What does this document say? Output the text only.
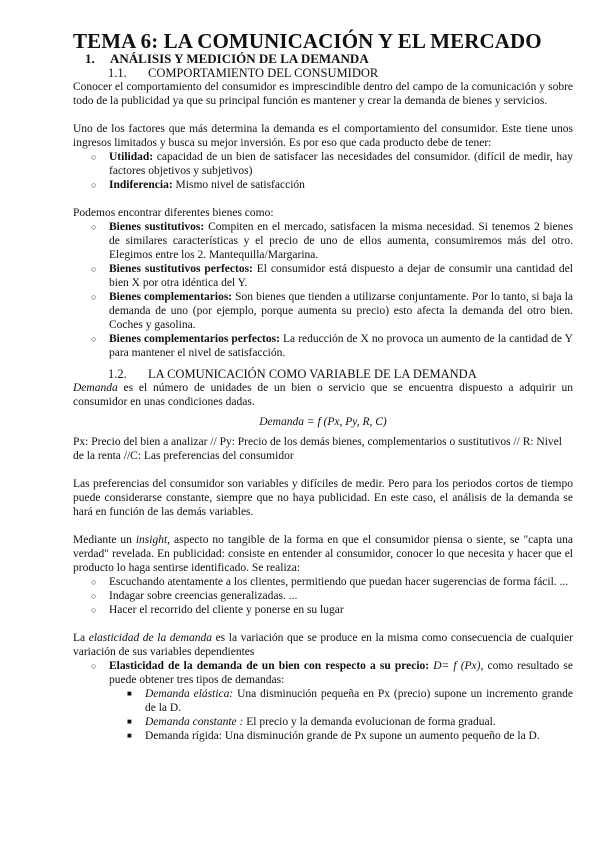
TEMA 6: LA COMUNICACIÓN Y EL MERCADO
1. ANÁLISIS Y MEDICIÓN DE LA DEMANDA
1.1. COMPORTAMIENTO DEL CONSUMIDOR

Conocer el comportamiento del consumidor es imprescindible dentro del campo de la comunicación y sobre todo de la publicidad ya que su principal función es mantener y crear la demanda de bienes y servicios.

Uno de los factores que más determina la demanda es el comportamiento del consumidor. Este tiene unos ingresos limitados y busca su mejor inversión. Es por eso que cada producto debe de tener:

○ Utilidad: capacidad de un bien de satisfacer las necesidades del consumidor. (difícil de medir, hay factores objetivos y subjetivos)
○ Indiferencia: Mismo nivel de satisfacción

Podemos encontrar diferentes bienes como:

○ Bienes sustitutivos: Compiten en el mercado, satisfacen la misma necesidad. Si tenemos 2 bienes de similares características y el precio de uno de ellos aumenta, consumiremos más del otro. Elegimos entre los 2. Mantequilla/Margarina.
○ Bienes sustitutivos perfectos: El consumidor está dispuesto a dejar de consumir una cantidad del bien X por otra idéntica del Y.
○ Bienes complementarios: Son bienes que tienden a utilizarse conjuntamente. Por lo tanto, si baja la demanda de uno (por ejemplo, porque aumenta su precio) esto afecta la demanda del otro bien. Coches y gasolina.
○ Bienes complementarios perfectos: La reducción de X no provoca un aumento de la cantidad de Y para mantener el nivel de satisfacción.
1.2. LA COMUNICACIÓN COMO VARIABLE DE LA DEMANDA

Demanda es el número de unidades de un bien o servicio que se encuentra dispuesto a adquirir un consumidor en unas condiciones dadas.

Demanda = f (Px, Py, R, C)

Px: Precio del bien a analizar // Py: Precio de los demás bienes, complementarios o sustitutivos // R: Nivel de la renta //C: Las preferencias del consumidor

Las preferencias del consumidor son variables y difíciles de medir. Pero para los periodos cortos de tiempo puede considerarse constante, siempre que no haya publicidad. En este caso, el análisis de la demanda se hará en función de las demás variables.

Mediante un insight, aspecto no tangible de la forma en que el consumidor piensa o siente, se "capta una verdad" revelada. En publicidad: consiste en entender al consumidor, conocer lo que necesita y hacer que el producto lo haga sentirse identificado. Se realiza:

○ Escuchando atentamente a los clientes, permitiendo que puedan hacer sugerencias de forma fácil. ...
○ Indagar sobre creencias generalizadas. ...
○ Hacer el recorrido del cliente y ponerse en su lugar

La elasticidad de la demanda es la variación que se produce en la misma como consecuencia de cualquier variación de sus variables dependientes

○ Elasticidad de la demanda de un bien con respecto a su precio: D= f (Px), como resultado se puede obtener tres tipos de demandas:
■ Demanda elástica: Una disminución pequeña en Px (precio) supone un incremento grande de la D.
■ Demanda constante : El precio y la demanda evolucionan de forma gradual.
■ Demanda rígida: Una disminución grande de Px supone un aumento pequeño de la D.
